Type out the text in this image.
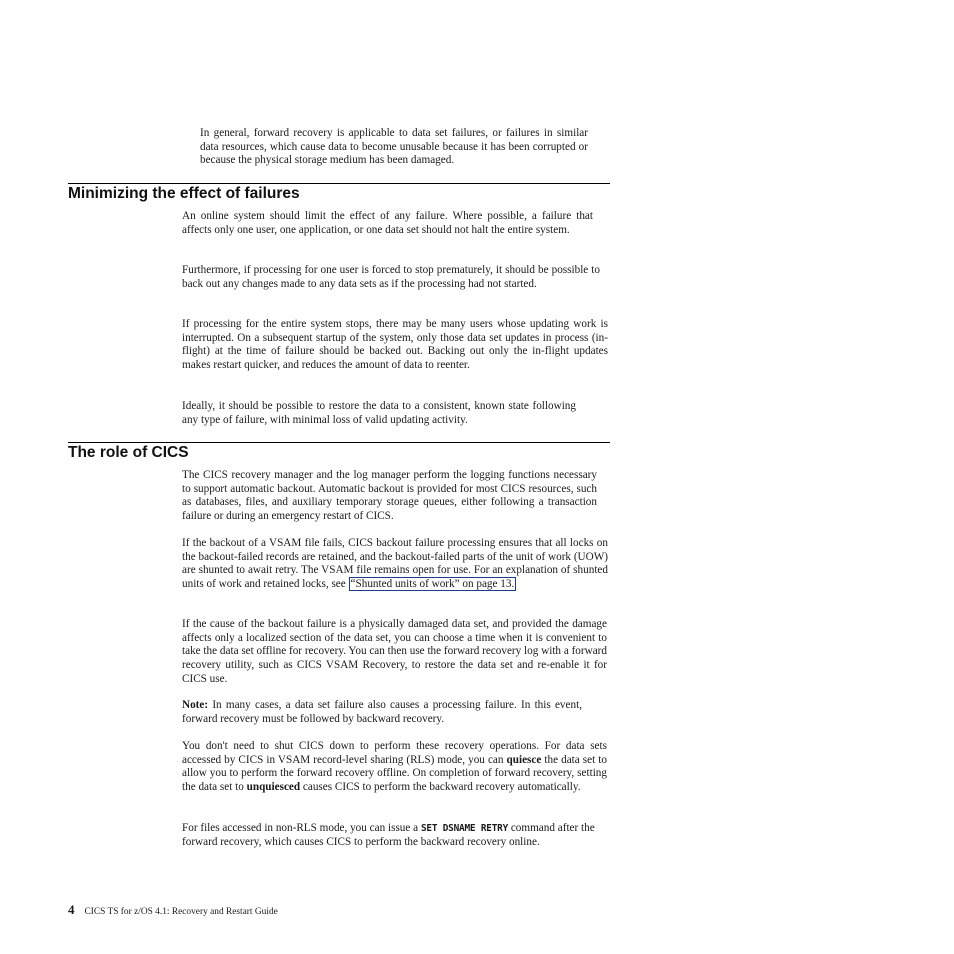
In general, forward recovery is applicable to data set failures, or failures in similar data resources, which cause data to become unusable because it has been corrupted or because the physical storage medium has been damaged.

Minimizing the effect of failures

An online system should limit the effect of any failure. Where possible, a failure that affects only one user, one application, or one data set should not halt the entire system.

Furthermore, if processing for one user is forced to stop prematurely, it should be possible to back out any changes made to any data sets as if the processing had not started.

If processing for the entire system stops, there may be many users whose updating work is interrupted. On a subsequent startup of the system, only those data set updates in process (in-flight) at the time of failure should be backed out. Backing out only the in-flight updates makes restart quicker, and reduces the amount of data to reenter.

Ideally, it should be possible to restore the data to a consistent, known state following any type of failure, with minimal loss of valid updating activity.

The role of CICS

The CICS recovery manager and the log manager perform the logging functions necessary to support automatic backout. Automatic backout is provided for most CICS resources, such as databases, files, and auxiliary temporary storage queues, either following a transaction failure or during an emergency restart of CICS.

If the backout of a VSAM file fails, CICS backout failure processing ensures that all locks on the backout-failed records are retained, and the backout-failed parts of the unit of work (UOW) are shunted to await retry. The VSAM file remains open for use. For an explanation of shunted units of work and retained locks, see “Shunted units of work” on page 13.

If the cause of the backout failure is a physically damaged data set, and provided the damage affects only a localized section of the data set, you can choose a time when it is convenient to take the data set offline for recovery. You can then use the forward recovery log with a forward recovery utility, such as CICS VSAM Recovery, to restore the data set and re-enable it for CICS use.

Note: In many cases, a data set failure also causes a processing failure. In this event, forward recovery must be followed by backward recovery.

You don't need to shut CICS down to perform these recovery operations. For data sets accessed by CICS in VSAM record-level sharing (RLS) mode, you can quiesce the data set to allow you to perform the forward recovery offline. On completion of forward recovery, setting the data set to unquiesced causes CICS to perform the backward recovery automatically.

For files accessed in non-RLS mode, you can issue a SET DSNAME RETRY command after the forward recovery, which causes CICS to perform the backward recovery online.

4 CICS TS for z/OS 4.1: Recovery and Restart Guide
